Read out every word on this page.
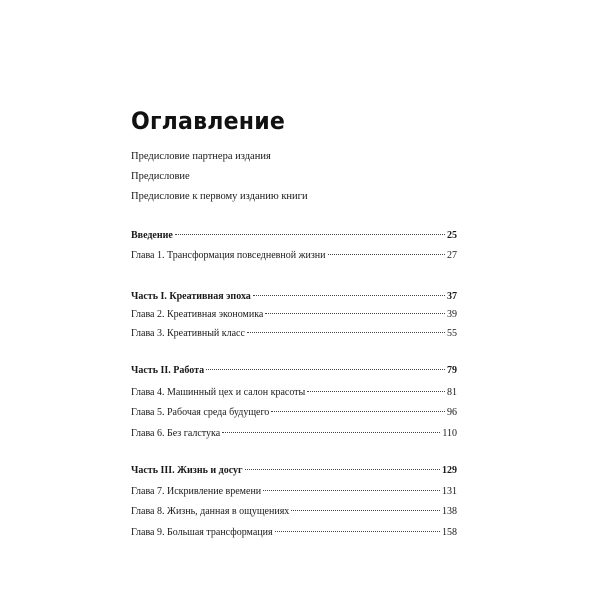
Оглавление
Предисловие партнера издания
Предисловие
Предисловие к первому изданию книги
Введение	25
Глава 1. Трансформация повседневной жизни	27
Часть I. Креативная эпоха	37
Глава 2. Креативная экономика	39
Глава 3. Креативный класс	55
Часть II. Работа	79
Глава 4. Машинный цех и салон красоты	81
Глава 5. Рабочая среда будущего	96
Глава 6. Без галстука	110
Часть III. Жизнь и досуг	129
Глава 7. Искривление времени	131
Глава 8. Жизнь, данная в ощущениях	138
Глава 9. Большая трансформация	158
